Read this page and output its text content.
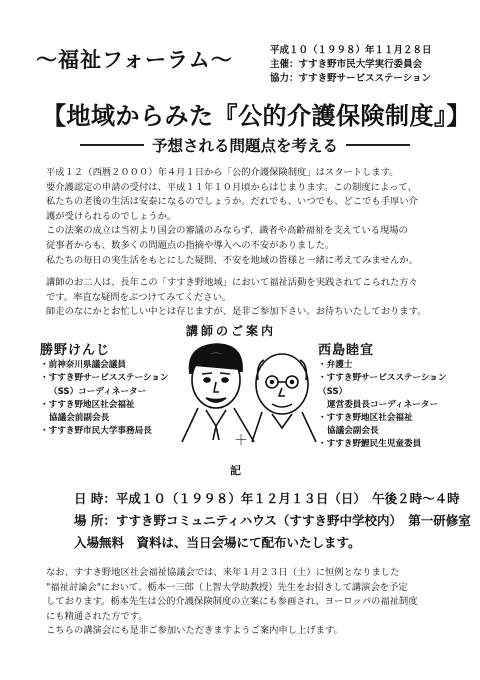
〜福祉フォーラム〜	平成１０（１９９８）年１１月２８日
主催：すすき野市民大学実行委員会
協力：すすき野サービスステーション
【地域からみた『公的介護保険制度』】
予想される問題点を考える

平成１２（西暦２０００）年４月１日から「公的介護保険制度」はスタートします。

要介護認定の申請の受付は、平成１１年１０月頃からはじまります。この制度によって、

私たちの老後の生活は安泰になるのでしょうか。だれでも、いつでも、どこでも手厚い介

護が受けられるのでしょうか。

この法案の成立は当初より国会の審議のみならず、識者や高齢福祉を支えている現場の

従事者からも、数多くの問題点の指摘や導入への不安がありました。

私たちの毎日の実生活をもとにした疑問、不安を地域の皆様と一緒に考えてみませんか。

講師のお二人は、長年この「すすき野地域」において福祉活動を実践されてこられた方々

です。率直な疑問をぶつけてみてください。

師走のなにかとお忙しい中とは存じますが、是非ご参加下さい。お待ちいたしております。

講師のご案内
勝野けんじ
・前神奈川県議会議員
・すすき野サービスステーション
（SS）コーディネーター
・すすき野地区社会福祉
協議会前副会長
・すすき野市民大学事務局長
＋
西島睦宣
・弁護士
・すすき野サービスステーション（SS）
運営委員長コーディネーター
・すすき野地区社会福祉
協議会副会長
・すすき野鯉民生児童委員
記
日 時： 平成１０（１９９８）年１２月１３日（日）　午後２時〜４時
場 所： すすき野コミュニティハウス（すすき野中学校内）　第一研修室
入場無料　資料は、当日会場にて配布いたします。

なお、すすき野地区社会福祉協議会では、来年１月２３日（土）に恒例となりました

"福祉討論会"において、栃本一三郎（上智大学助教授）先生をお招きして講演会を予定

しております。栃本先生は公的介護保険制度の立案にも参画され、ヨーロッパの福祉制度

にも精通された方です。

こちらの講演会にも是非ご参加いただきますようご案内申し上げます。
